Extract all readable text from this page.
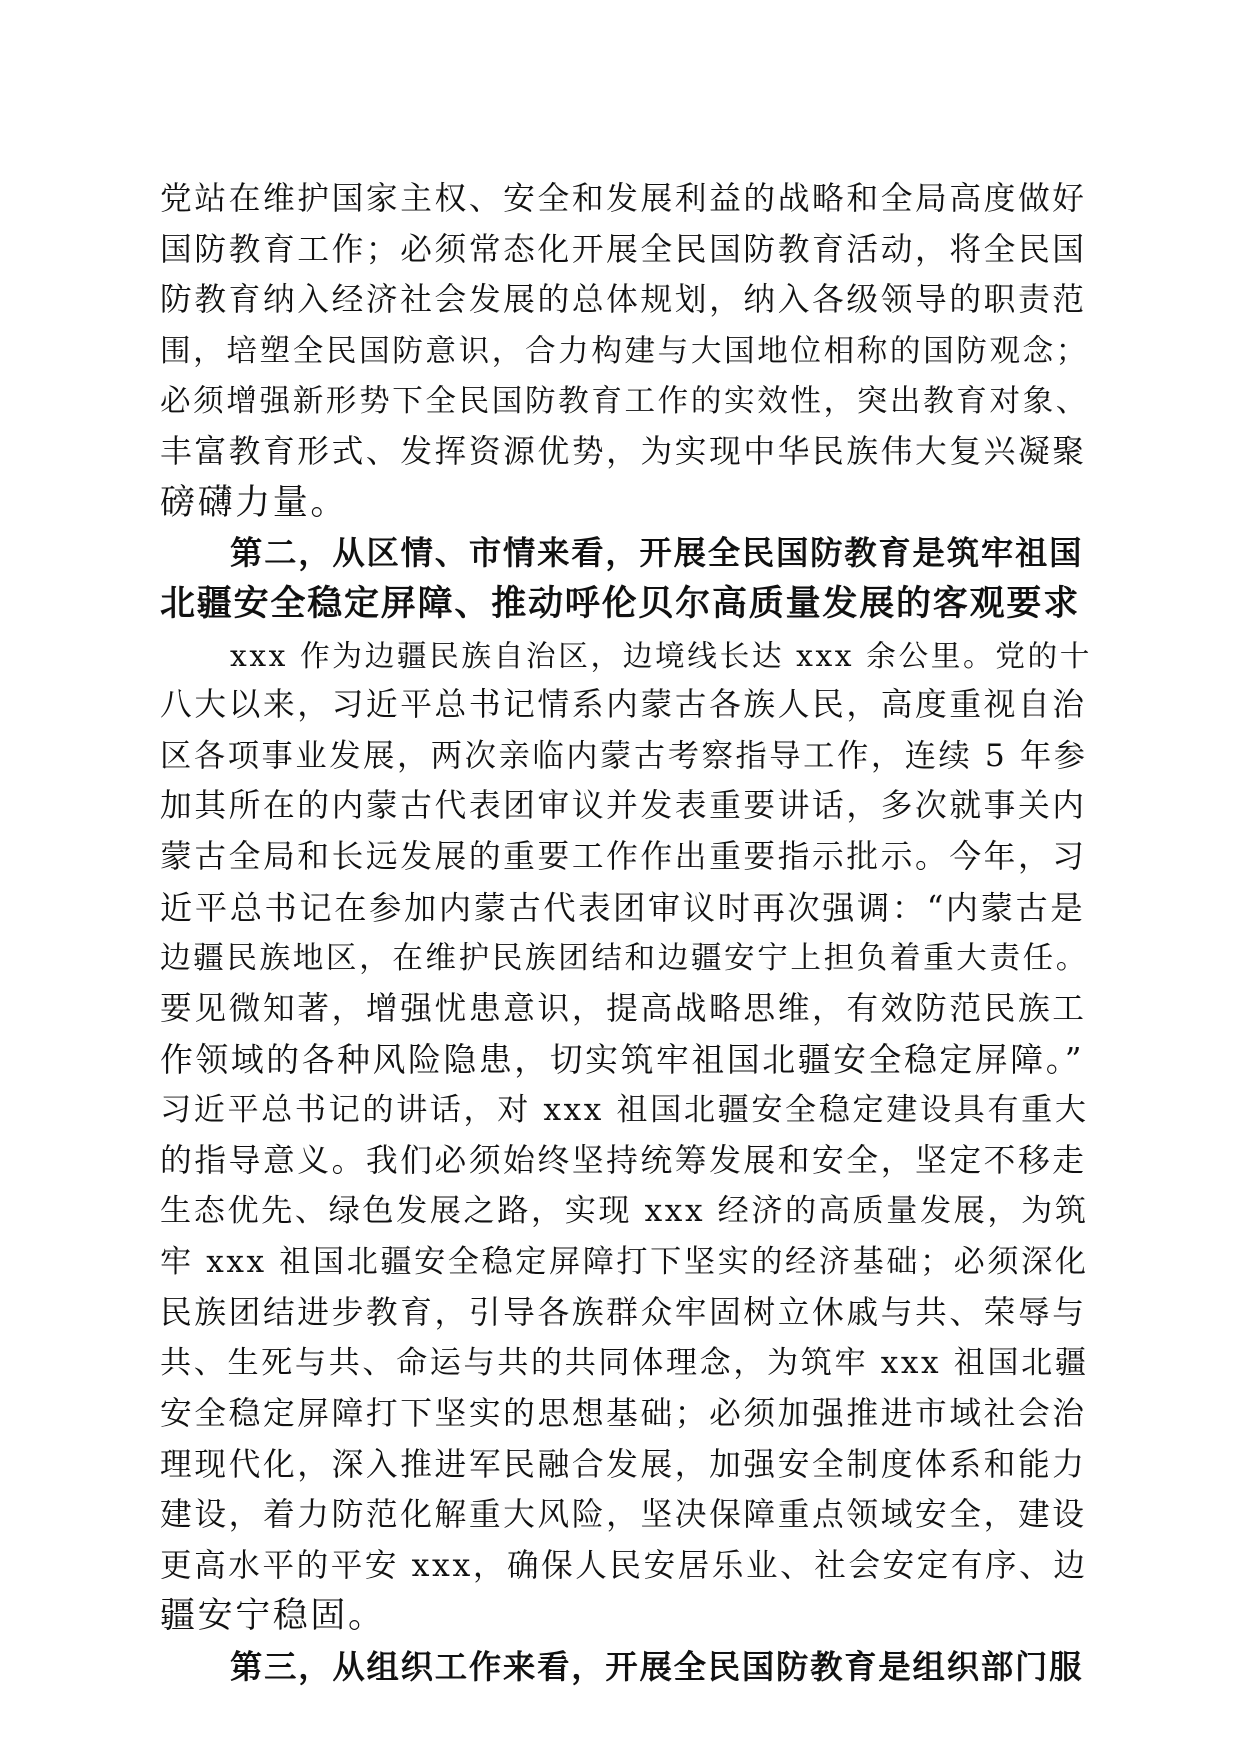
党站在维护国家主权、安全和发展利益的战略和全局高度做好
国防教育工作；必须常态化开展全民国防教育活动，将全民国
防教育纳入经济社会发展的总体规划，纳入各级领导的职责范
围，培塑全民国防意识，合力构建与大国地位相称的国防观念；
必须增强新形势下全民国防教育工作的实效性，突出教育对象、
丰富教育形式、发挥资源优势，为实现中华民族伟大复兴凝聚
磅礴力量。
第二，从区情、市情来看，开展全民国防教育是筑牢祖国
北疆安全稳定屏障、推动呼伦贝尔高质量发展的客观要求
xxx 作为边疆民族自治区，边境线长达 xxx 余公里。党的十
八大以来，习近平总书记情系内蒙古各族人民，高度重视自治
区各项事业发展，两次亲临内蒙古考察指导工作，连续 5 年参
加其所在的内蒙古代表团审议并发表重要讲话，多次就事关内
蒙古全局和长远发展的重要工作作出重要指示批示。今年，习
近平总书记在参加内蒙古代表团审议时再次强调：“内蒙古是
边疆民族地区，在维护民族团结和边疆安宁上担负着重大责任。
要见微知著，增强忧患意识，提高战略思维，有效防范民族工
作领域的各种风险隐患，切实筑牢祖国北疆安全稳定屏障。”
习近平总书记的讲话，对 xxx 祖国北疆安全稳定建设具有重大
的指导意义。我们必须始终坚持统筹发展和安全，坚定不移走
生态优先、绿色发展之路，实现 xxx 经济的高质量发展，为筑
牢 xxx 祖国北疆安全稳定屏障打下坚实的经济基础；必须深化
民族团结进步教育，引导各族群众牢固树立休戚与共、荣辱与
共、生死与共、命运与共的共同体理念，为筑牢 xxx 祖国北疆
安全稳定屏障打下坚实的思想基础；必须加强推进市域社会治
理现代化，深入推进军民融合发展，加强安全制度体系和能力
建设，着力防范化解重大风险，坚决保障重点领域安全，建设
更高水平的平安 xxx，确保人民安居乐业、社会安定有序、边
疆安宁稳固。
第三，从组织工作来看，开展全民国防教育是组织部门服
